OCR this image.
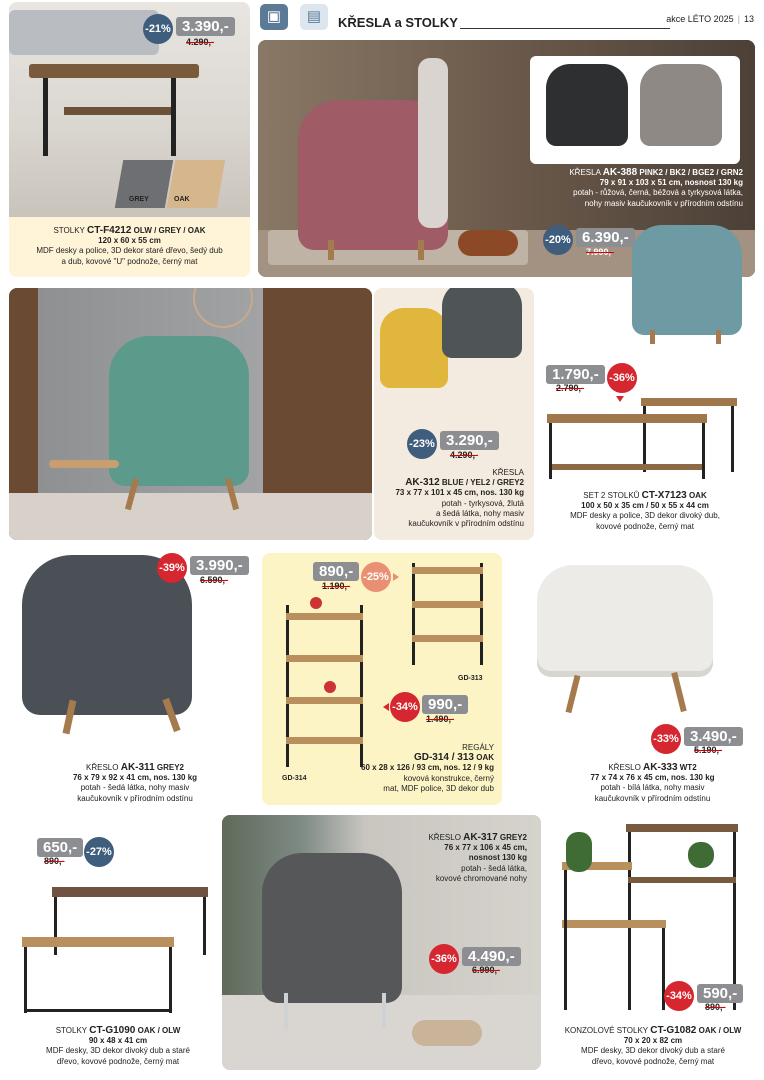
▣	▤	KŘESLA a STOLKY	akce LÉTO 2025 | 13
GREY	OAK
STOLKY CT-F4212 OLW / GREY / OAK
120 x 60 x 55 cm
MDF desky a police, 3D dekor staré dřevo, šedý dub
a dub, kovové "U" podnože, černý mat
-21% 3.390,-
4.290,-
KŘESLA AK-388 PINK2 / BK2 / BGE2 / GRN2
79 x 91 x 103 x 51 cm, nosnost 130 kg
potah - růžová, černá, béžová a tyrkysová látka,
nohy masiv kaučukovník v přírodním odstínu
-20% 6.390,-
7.990,-
KŘESLA
AK-312 BLUE / YEL2 / GREY2
73 x 77 x 101 x 45 cm, nos. 130 kg
potah - tyrkysová, žlutá
a šedá látka, nohy masiv
kaučukovník v přírodním odstínu
-23% 3.290,-
4.290,-
1.790,-
2.790,-
-36%
SET 2 STOLKŮ CT-X7123 OAK
100 x 50 x 35 cm / 50 x 55 x 44 cm
MDF desky a police, 3D dekor divoký dub,
kovové podnože, černý mat
-39% 3.990,-
6.590,-
KŘESLO AK-311 GREY2
76 x 79 x 92 x 41 cm, nos. 130 kg
potah - šedá látka, nohy masiv
kaučukovník v přírodním odstínu
GD-313
GD-314
REGÁLY
GD-314 / 313 OAK
60 x 28 x 126 / 93 cm, nos. 12 / 9 kg
kovová konstrukce, černý
mat, MDF police, 3D dekor dub
890,-
1.190,-
-25%
-34% 990,-
1.490,-
-33% 3.490,-
5.190,-
KŘESLO AK-333 WT2
77 x 74 x 76 x 45 cm, nos. 130 kg
potah - bílá látka, nohy masiv
kaučukovník v přírodním odstínu
650,-
890,-
-27%
STOLKY CT-G1090 OAK / OLW
90 x 48 x 41 cm
MDF desky, 3D dekor divoký dub a staré
dřevo, kovové podnože, černý mat
KŘESLO AK-317 GREY2
76 x 77 x 106 x 45 cm,
nosnost 130 kg
potah - šedá látka,
kovové chromované nohy
-36% 4.490,-
6.990,-
-34% 590,-
890,-
KONZOLOVÉ STOLKY CT-G1082 OAK / OLW
70 x 20 x 82 cm
MDF desky, 3D dekor divoký dub a staré
dřevo, kovové podnože, černý mat
